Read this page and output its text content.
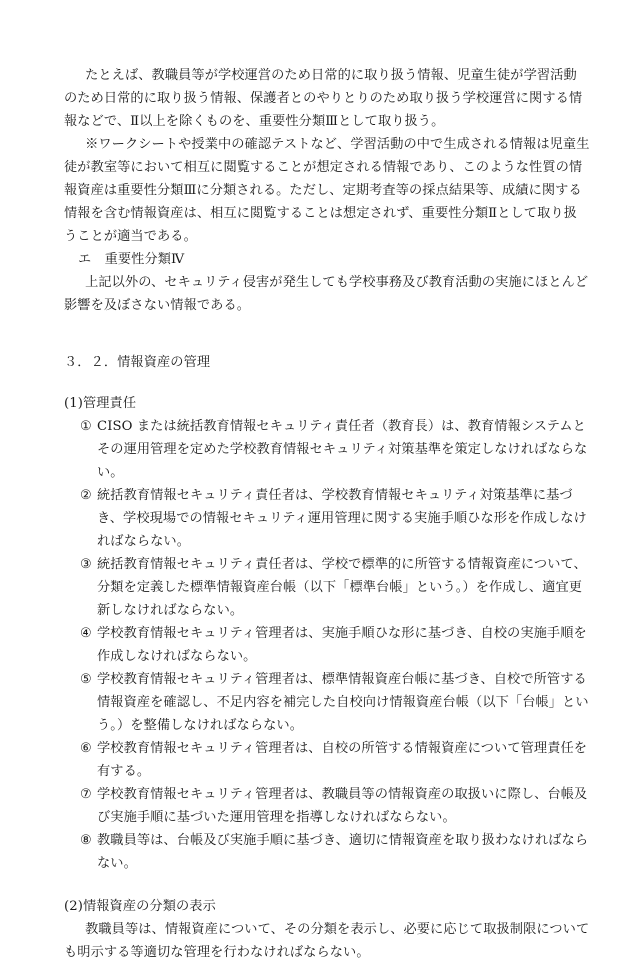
たとえば、教職員等が学校運営のため日常的に取り扱う情報、児童生徒が学習活動のため日常的に取り扱う情報、保護者とのやりとりのため取り扱う学校運営に関する情報などで、Ⅱ以上を除くものを、重要性分類Ⅲとして取り扱う。

※ワークシートや授業中の確認テストなど、学習活動の中で生成される情報は児童生徒が教室等において相互に閲覧することが想定される情報であり、このような性質の情報資産は重要性分類Ⅲに分類される。ただし、定期考査等の採点結果等、成績に関する情報を含む情報資産は、相互に閲覧することは想定されず、重要性分類Ⅱとして取り扱うことが適当である。

エ　重要性分類Ⅳ

上記以外の、セキュリティ侵害が発生しても学校事務及び教育活動の実施にほとんど影響を及ぼさない情報である。

３．２．情報資産の管理

(1)管理責任

① CISO または統括教育情報セキュリティ責任者（教育長）は、教育情報システムとその運用管理を定めた学校教育情報セキュリティ対策基準を策定しなければならない。
② 統括教育情報セキュリティ責任者は、学校教育情報セキュリティ対策基準に基づき、学校現場での情報セキュリティ運用管理に関する実施手順ひな形を作成しなければならない。
③ 統括教育情報セキュリティ責任者は、学校で標準的に所管する情報資産について、分類を定義した標準情報資産台帳（以下「標準台帳」という。）を作成し、適宜更新しなければならない。
④ 学校教育情報セキュリティ管理者は、実施手順ひな形に基づき、自校の実施手順を作成しなければならない。
⑤ 学校教育情報セキュリティ管理者は、標準情報資産台帳に基づき、自校で所管する情報資産を確認し、不足内容を補完した自校向け情報資産台帳（以下「台帳」という。）を整備しなければならない。
⑥ 学校教育情報セキュリティ管理者は、自校の所管する情報資産について管理責任を有する。
⑦ 学校教育情報セキュリティ管理者は、教職員等の情報資産の取扱いに際し、台帳及び実施手順に基づいた運用管理を指導しなければならない。
⑧ 教職員等は、台帳及び実施手順に基づき、適切に情報資産を取り扱わなければならない。

(2)情報資産の分類の表示

教職員等は、情報資産について、その分類を表示し、必要に応じて取扱制限についても明示する等適切な管理を行わなければならない。
